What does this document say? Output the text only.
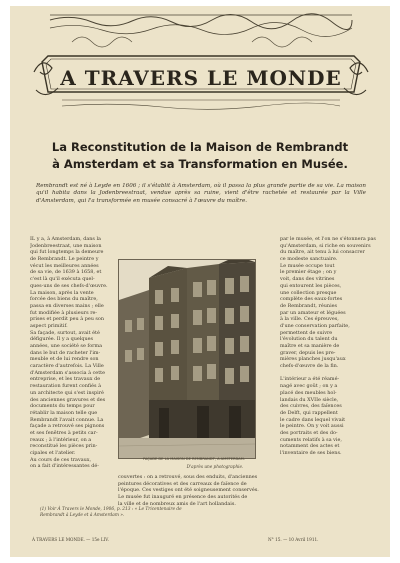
A TRAVERS LE MONDE
La Reconstitution de la Maison de Rembrandt
à Amsterdam et sa Transformation en Musée.
Rembrandt est né à Leyde en 1606 ; il s'établit à Amsterdam, où il passa la plus grande partie de sa vie. La maison qu'il habita dans la Jodenbreestraat, vendue après sa ruine, vient d'être rachetée et restaurée par la Ville d'Amsterdam, qui l'a transformée en musée consacré à l'œuvre du maître.
IL y a, à Amsterdam, dans la
Jodenbreestraat, une maison
qui fut longtemps la demeure
de Rembrandt. Le peintre y
vécut les meilleures années
de sa vie, de 1639 à 1658, et
c'est là qu'il exécuta quel-
ques-uns de ses chefs-d'œuvre.
La maison, après la vente
forcée des biens du maître,
passa en diverses mains ; elle
fut modifiée à plusieurs re-
prises et perdit peu à peu son
aspect primitif.
Sa façade, surtout, avait été
défigurée. Il y a quelques
années, une société se forma
dans le but de racheter l'im-
meuble et de lui rendre son
caractère d'autrefois. La Ville
d'Amsterdam s'associa à cette
entreprise, et les travaux de
restauration furent confiés à
un architecte qui s'est inspiré
des anciennes gravures et des
documents du temps pour
rétablir la maison telle que
Rembrandt l'avait connue. La
façade a retrouvé ses pignons
et ses fenêtres à petits car-
reaux ; à l'intérieur, on a
reconstitué les pièces prin-
cipales et l'atelier.
Au cours de ces travaux,
on a fait d'intéressantes dé-
FAÇADE DE LA MAISON DE REMBRANDT, A AMSTERDAM.
D'après une photographie.
par le musée, et l'on ne s'étonnera pas
qu'Amsterdam, si riche en souvenirs
du maître, ait tenu à lui consacrer
ce modeste sanctuaire.
Le musée occupe tout
le premier étage ; on y
voit, dans des vitrines
qui entourent les pièces,
une collection presque
complète des eaux-fortes
de Rembrandt, réunies
par un amateur et léguées
à la ville. Ces épreuves,
d'une conservation parfaite,
permettent de suivre
l'évolution du talent du
maître et sa manière de
graver, depuis les pre-
mières planches jusqu'aux
chefs-d'œuvre de la fin.
L'intérieur a été réamé-
nagé avec goût ; on y a
placé des meubles hol-
landais du XVIIe siècle,
des cuivres, des faïences
de Delft, qui rappellent
le cadre dans lequel vivait
le peintre. On y voit aussi
des portraits et des do-
cuments relatifs à sa vie,
notamment des actes et
l'inventaire de ses biens.
couvertes : on a retrouvé, sous des enduits, d'anciennes
peintures décoratives et des carreaux de faïence de
l'époque. Ces vestiges ont été soigneusement conservés.
Le musée fut inauguré en présence des autorités de
la ville et de nombreux amis de l'art hollandais.
(1) Voir À Travers le Monde, 1906, p. 213 : « Le Tricentenaire de Rembrandt à Leyde et à Amsterdam ».
À TRAVERS LE MONDE. — 15e LIV.	N° 15. — 10 Avril 1911.
